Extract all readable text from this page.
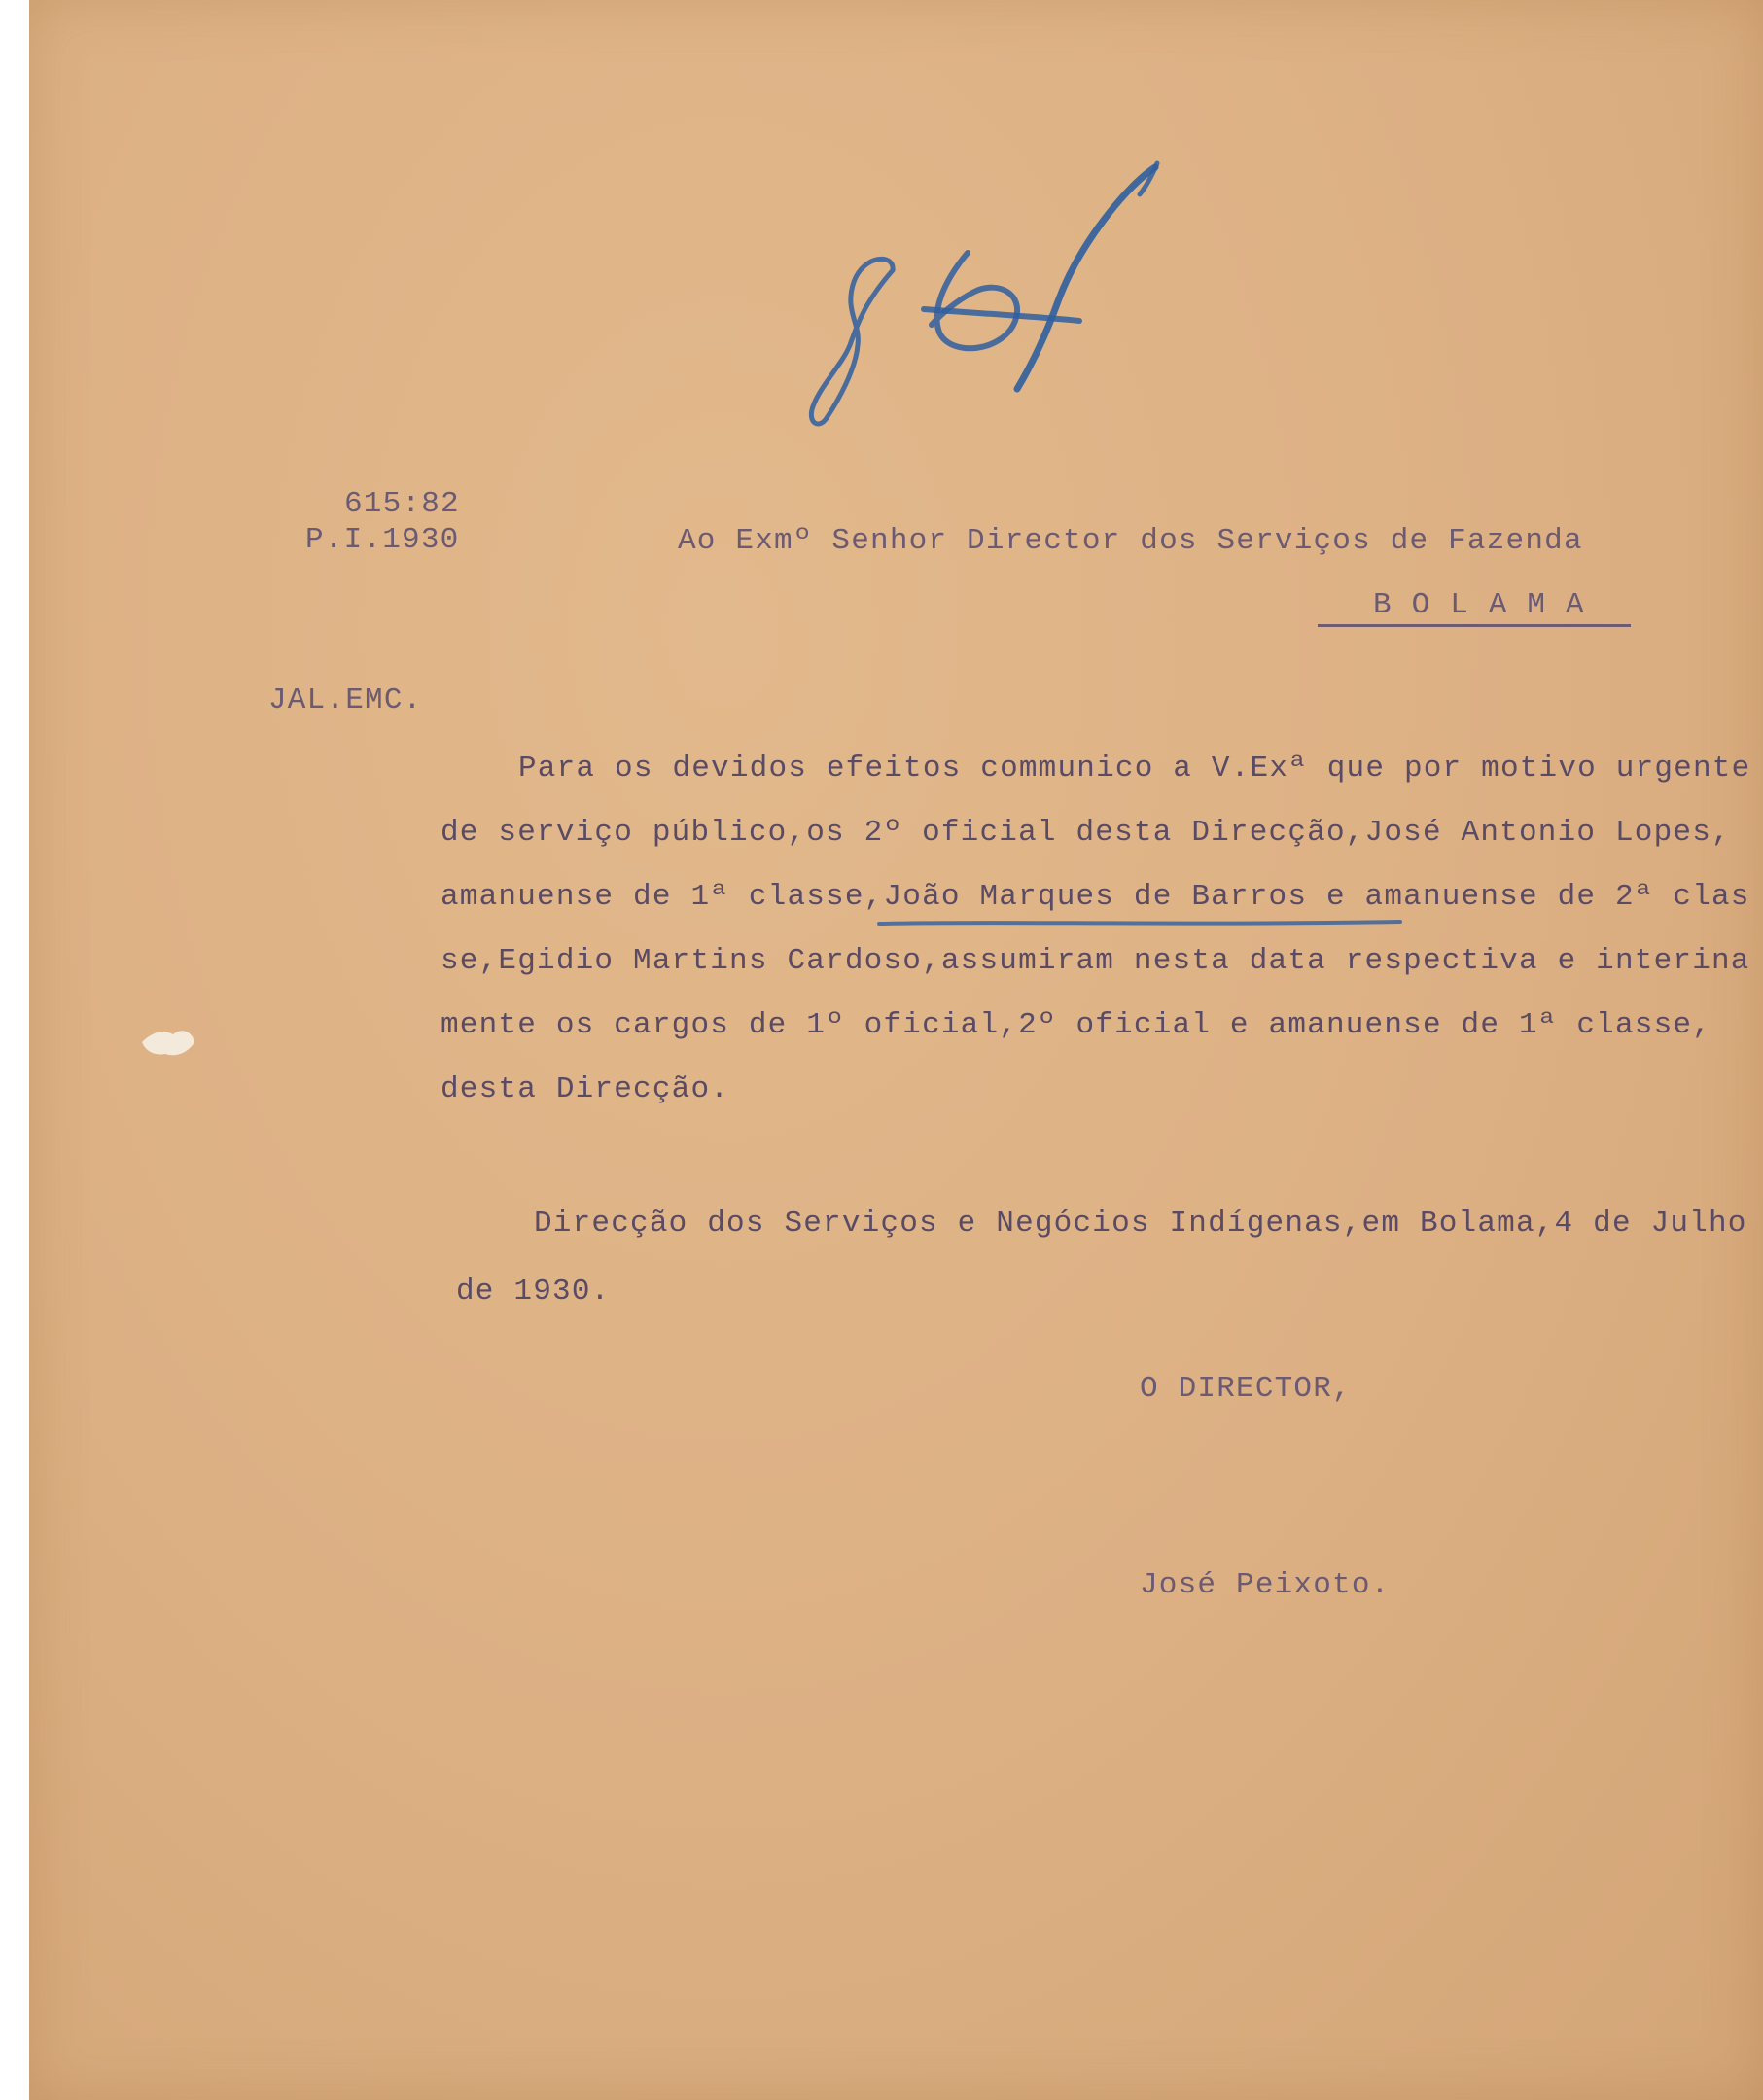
615:82

P.I.1930	Ao Exmº Senhor Director dos Serviços de Fazenda

B O L A M A

JAL.EMC.

Para os devidos efeitos communico a V.Exª que por motivo urgente

de serviço público,os 2º oficial desta Direcção,José Antonio Lopes,

amanuense de 1ª classe,João Marques de Barros e amanuense de 2ª clas

se,Egidio Martins Cardoso,assumiram nesta data respectiva e interina

mente os cargos de 1º oficial,2º oficial e amanuense de 1ª classe,

desta Direcção.

Direcção dos Serviços e Negócios Indígenas,em Bolama,4 de Julho

de 1930.

O DIRECTOR,

José Peixoto.
